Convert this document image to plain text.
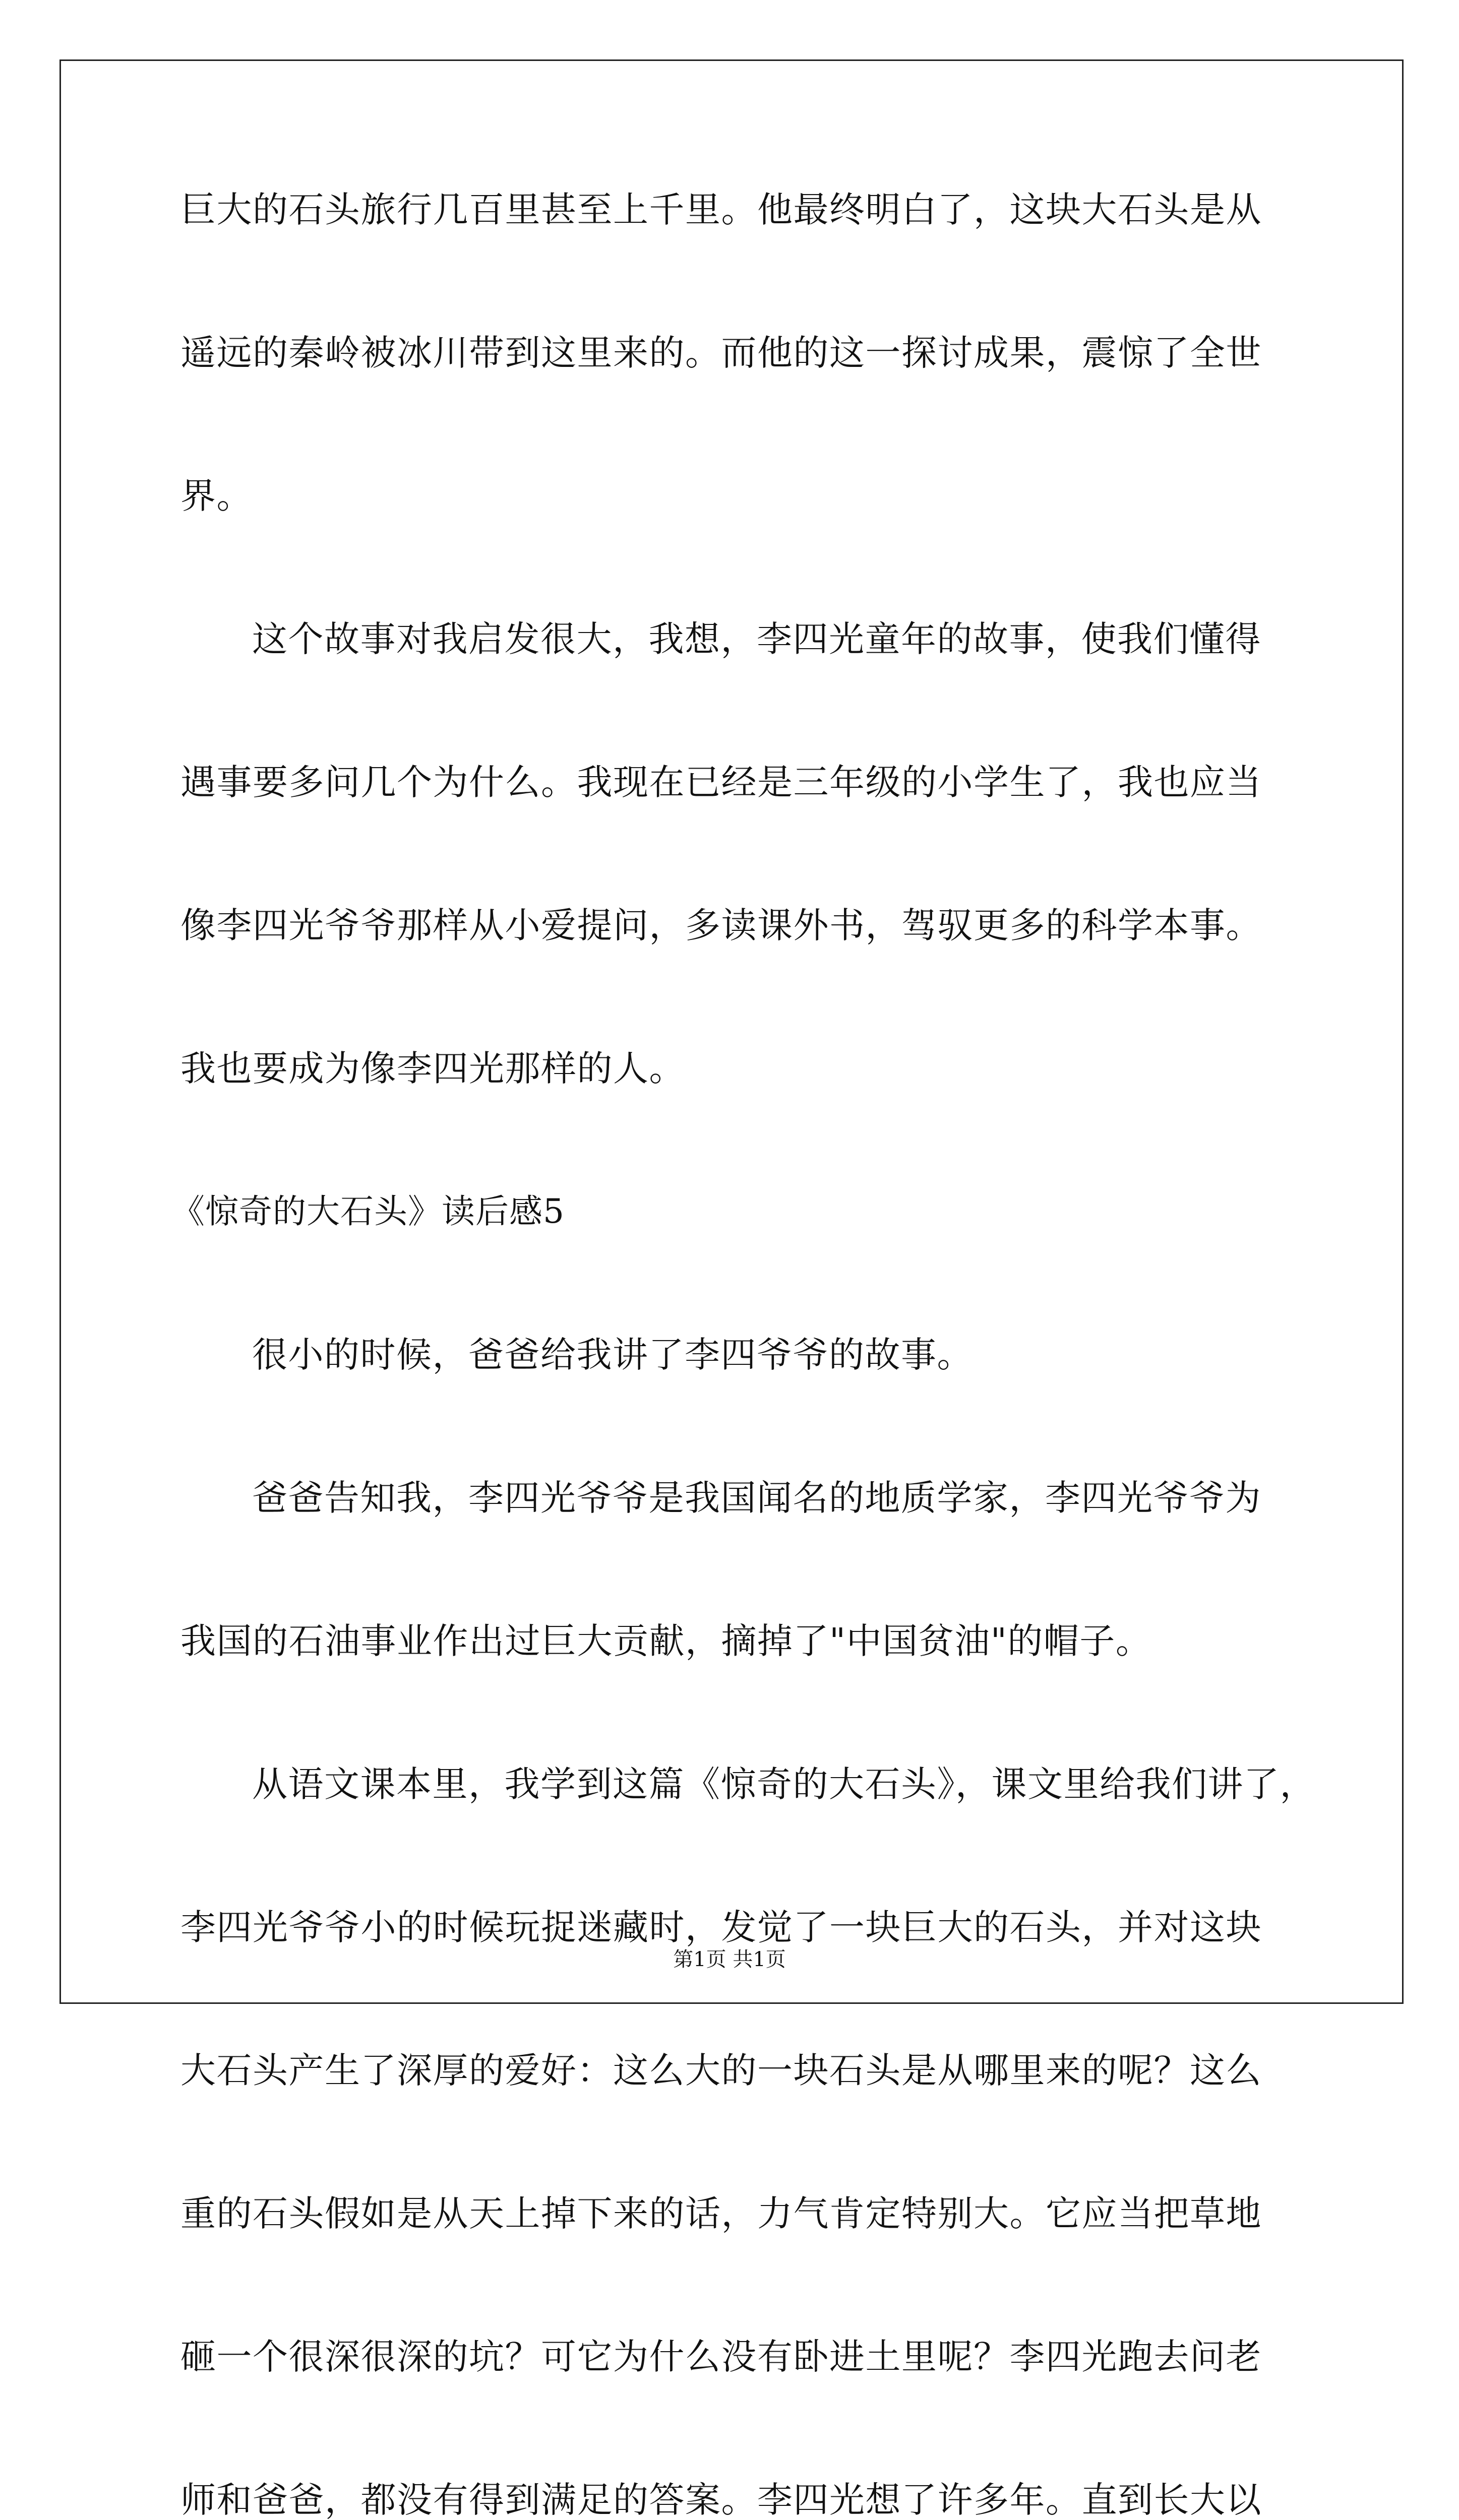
巨大的石头旅行几百里甚至上千里。他最终明白了，这块大石头是从
遥远的秦岭被冰川带到这里来的。而他的这一探讨成果，震惊了全世
界。
这个故事对我启发很大，我想，李四光童年的故事，使我们懂得
遇事要多问几个为什么。我现在已经是三年级的小学生了，我也应当
像李四光爷爷那样从小爱提问，多读课外书，驾驭更多的科学本事。
我也要成为像李四光那样的人。
《惊奇的大石头》读后感5
很小的时候，爸爸给我讲了李四爷爷的故事。
爸爸告知我，李四光爷爷是我国闻名的地质学家，李四光爷爷为
我国的石油事业作出过巨大贡献，摘掉了"中国贫油"的帽子。
从语文课本里，我学到这篇《惊奇的大石头》，课文里给我们讲了，
李四光爷爷小的时候玩捉迷藏时，发觉了一块巨大的石头，并对这块
大石头产生了深厚的爱好：这么大的一块石头是从哪里来的呢？这么
重的石头假如是从天上掉下来的话，力气肯定特别大。它应当把草地
砸一个很深很深的坑？可它为什么没有卧进土里呢？李四光跑去问老
师和爸爸，都没有得到满足的答案。李四光想了许多年。直到长大以
第1页 共1页
